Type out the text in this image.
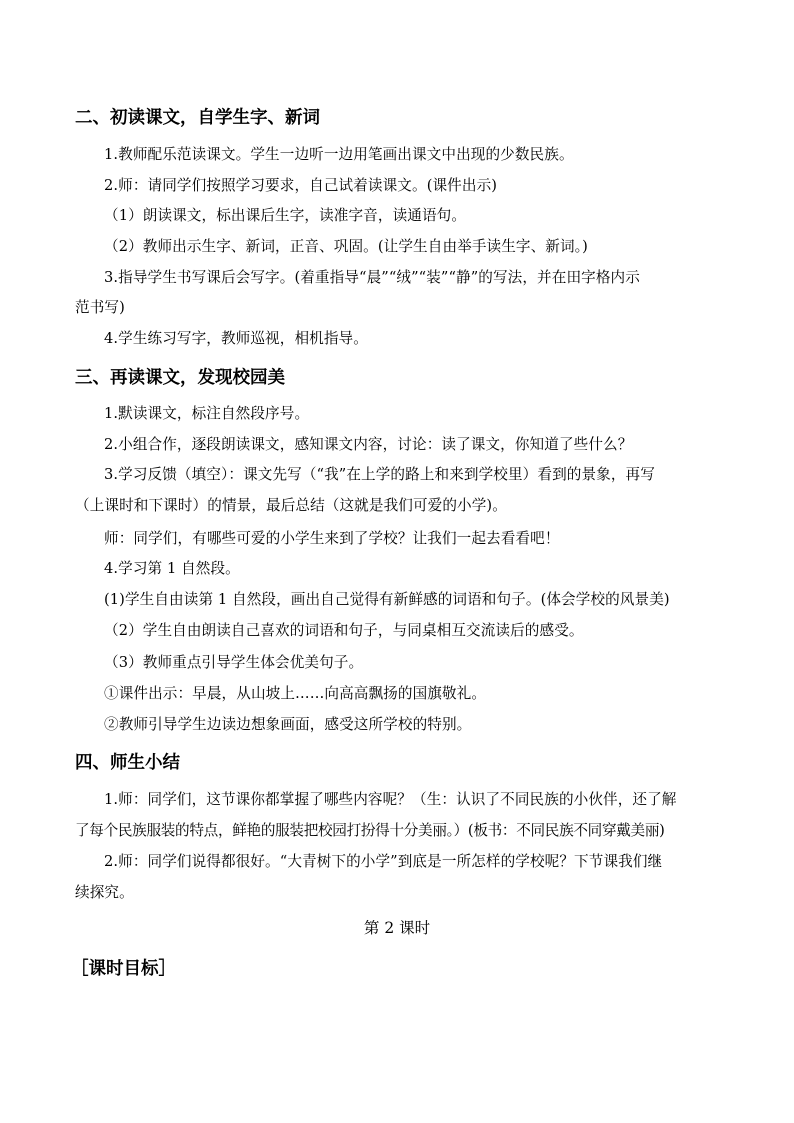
二、初读课文，自学生字、新词
1.教师配乐范读课文。学生一边听一边用笔画出课文中出现的少数民族。
2.师：请同学们按照学习要求，自己试着读课文。(课件出示)
（1）朗读课文，标出课后生字，读准字音，读通语句。
（2）教师出示生字、新词，正音、巩固。(让学生自由举手读生字、新词。)
3.指导学生书写课后会写字。(着重指导“晨”“绒”“装”“静”的写法，并在田字格内示
范书写)
4.学生练习写字，教师巡视，相机指导。
三、再读课文，发现校园美
1.默读课文，标注自然段序号。
2.小组合作，逐段朗读课文，感知课文内容，讨论：读了课文，你知道了些什么？
3.学习反馈（填空）：课文先写（“我”在上学的路上和来到学校里）看到的景象，再写
（上课时和下课时）的情景，最后总结（这就是我们可爱的小学)。
师：同学们，有哪些可爱的小学生来到了学校？让我们一起去看看吧！
4.学习第 1 自然段。
(1)学生自由读第 1 自然段，画出自己觉得有新鲜感的词语和句子。(体会学校的风景美)
（2）学生自由朗读自己喜欢的词语和句子，与同桌相互交流读后的感受。
（3）教师重点引导学生体会优美句子。
①课件出示：早晨，从山坡上……向高高飘扬的国旗敬礼。
②教师引导学生边读边想象画面，感受这所学校的特别。
四、师生小结
1.师：同学们，这节课你都掌握了哪些内容呢？（生：认识了不同民族的小伙伴，还了解
了每个民族服装的特点，鲜艳的服装把校园打扮得十分美丽。）(板书：不同民族不同穿戴美丽)
2.师：同学们说得都很好。“大青树下的小学”到底是一所怎样的学校呢？下节课我们继
续探究。
第 2 课时
［课时目标］
